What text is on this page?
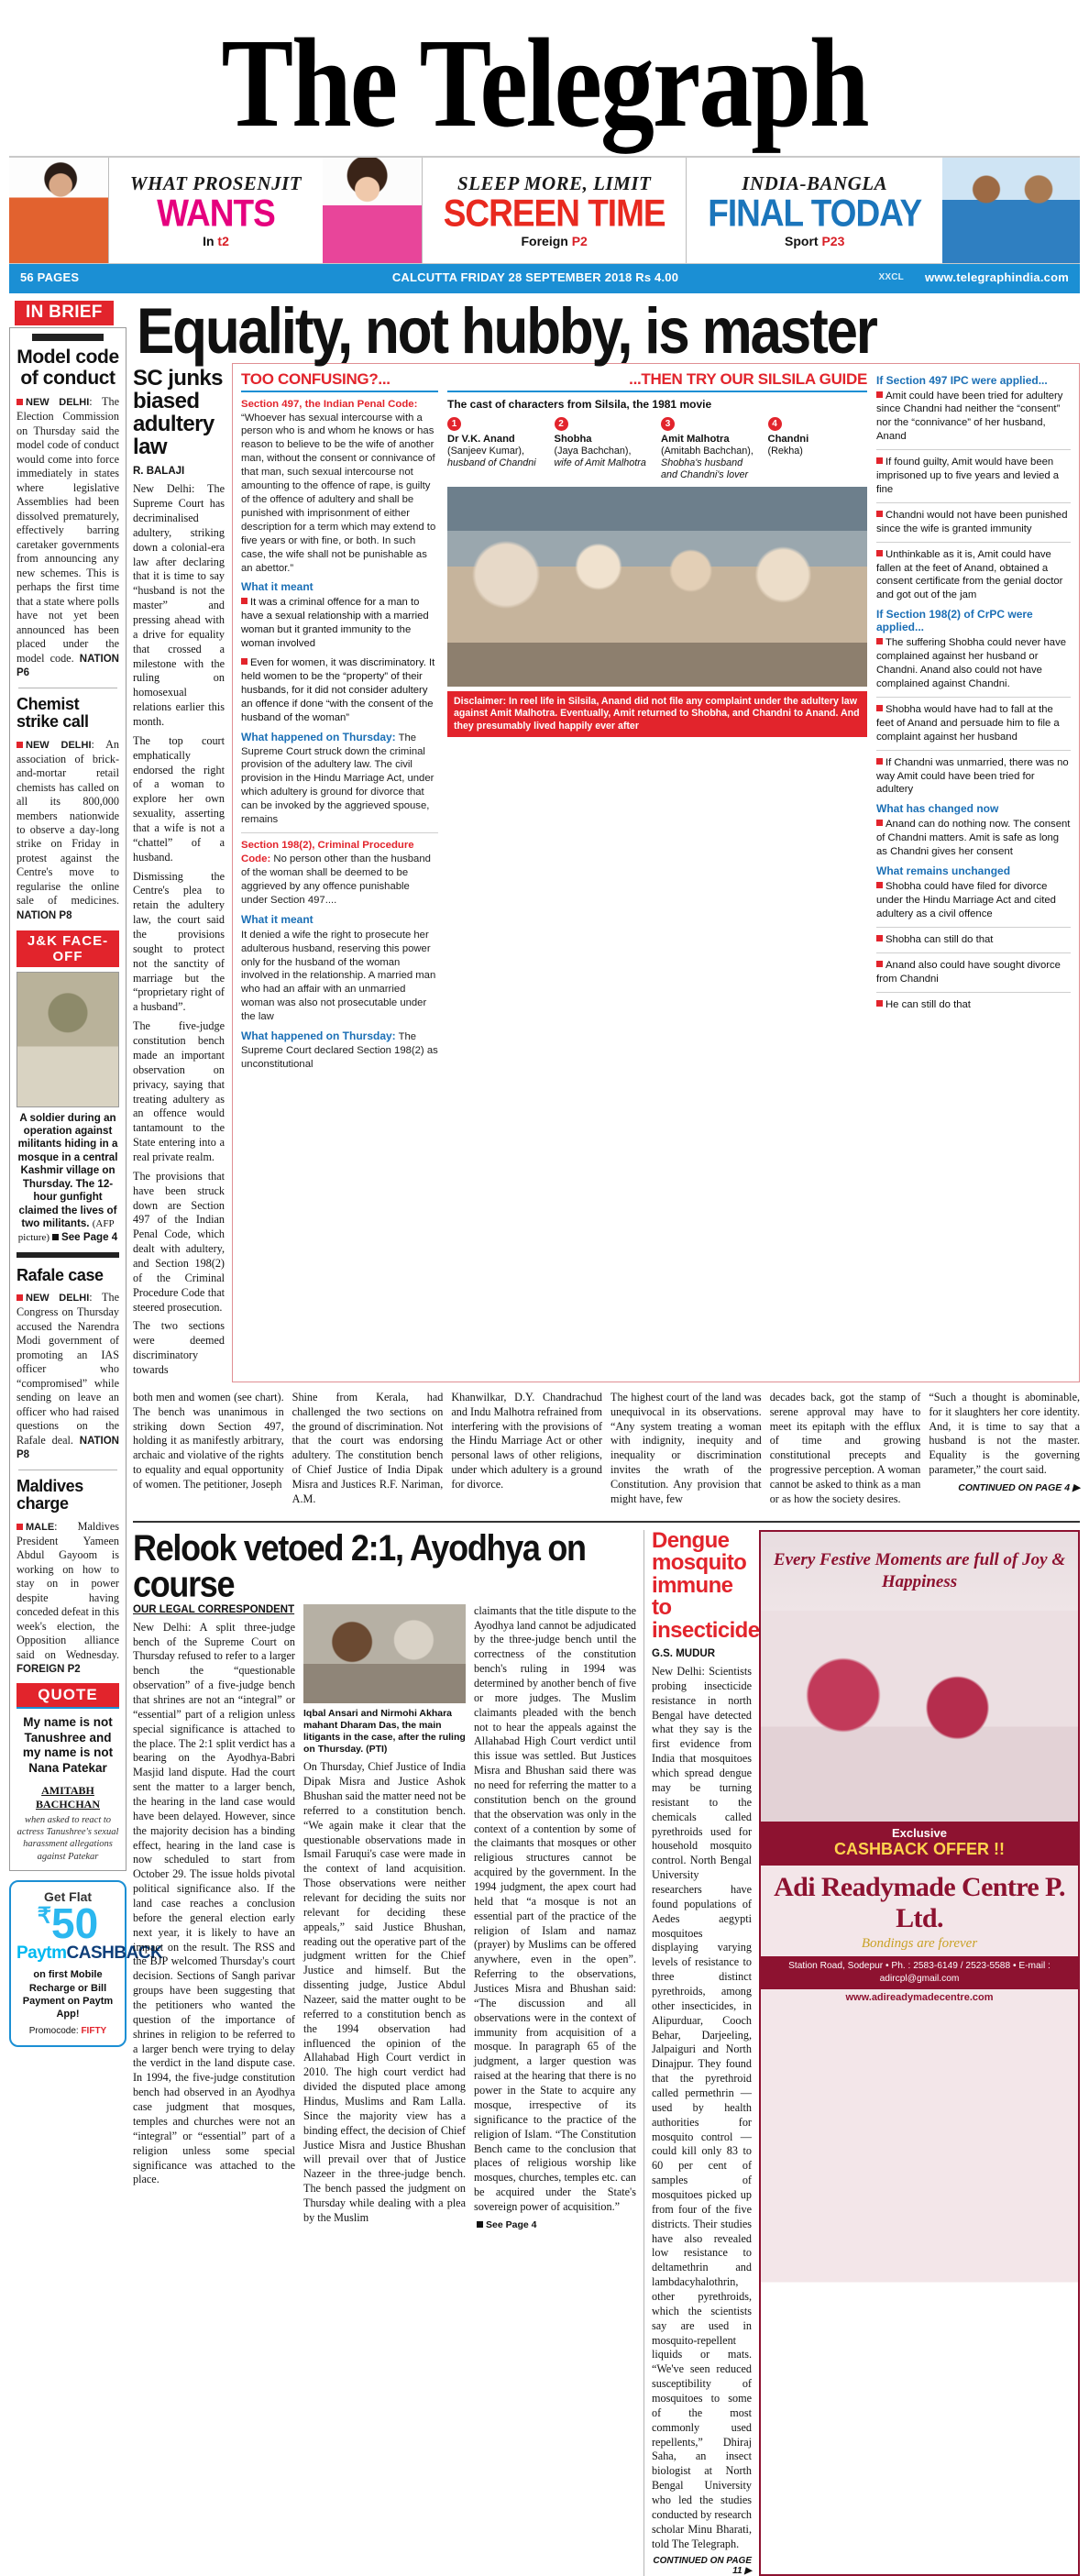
The Telegraph
WHAT PROSENJIT
WANTS
In t2
SLEEP MORE, LIMIT
SCREEN TIME
Foreign P2
INDIA-BANGLA
FINAL TODAY
Sport P23
56 PAGES	CALCUTTA FRIDAY 28 SEPTEMBER 2018 Rs 4.00	XXCL	www.telegraphindia.com
IN BRIEF
Model code of conduct

NEW DELHI: The Election Commission on Thursday said the model code of conduct would come into force immediately in states where legislative Assemblies had been dissolved prematurely, effectively barring caretaker governments from announcing any new schemes. This is perhaps the first time that a state where polls have not yet been announced has been placed under the model code. NATION P6

Chemist strike call

NEW DELHI: An association of brick-and-mortar retail chemists has called on all its 800,000 members nationwide to observe a day-long strike on Friday in protest against the Centre's move to regularise the online sale of medicines. NATION P8

J&K FACE-OFF
A soldier during an operation against militants hiding in a mosque in a central Kashmir village on Thursday. The 12-hour gunfight claimed the lives of two militants. (AFP picture) See Page 4
Rafale case

NEW DELHI: The Congress on Thursday accused the Narendra Modi government of promoting an IAS officer who “compromised” while sending on leave an officer who had raised questions on the Rafale deal. NATION P8

Maldives charge

MALE: Maldives President Yameen Abdul Gayoom is working on how to stay on in power despite having conceded defeat in this week's election, the Opposition alliance said on Wednesday. FOREIGN P2

QUOTE
My name is not Tanushree and my name is not Nana Patekar
AMITABH BACHCHAN
when asked to react to actress Tanushree's sexual harassment allegations against Patekar
Get Flat
₹50
PaytmCASHBACK
on first Mobile Recharge or Bill Payment on Paytm App!
Promocode: FIFTY
Equality, not hubby, is master
SC junks biased adultery law
R. BALAJI

New Delhi: The Supreme Court has decriminalised adultery, striking down a colonial-era law after declaring that it is time to say “husband is not the master” and pressing ahead with a drive for equality that crossed a milestone with the ruling on homosexual relations earlier this month.

The top court emphatically endorsed the right of a woman to explore her own sexuality, asserting that a wife is not a “chattel” of a husband.

Dismissing the Centre's plea to retain the adultery law, the court said the provisions sought to protect not the sanctity of marriage but the “proprietary right of a husband”.

The five-judge constitution bench made an important observation on privacy, saying that treating adultery as an offence would tantamount to the State entering into a real private realm.

The provisions that have been struck down are Section 497 of the Indian Penal Code, which dealt with adultery, and Section 198(2) of the Criminal Procedure Code that steered prosecution.

The two sections were deemed discriminatory towards

TOO CONFUSING?...

Section 497, the Indian Penal Code: “Whoever has sexual intercourse with a person who is and whom he knows or has reason to believe to be the wife of another man, without the consent or connivance of that man, such sexual intercourse not amounting to the offence of rape, is guilty of the offence of adultery and shall be punished with imprisonment of either description for a term which may extend to five years or with fine, or both. In such case, the wife shall not be punishable as an abettor.”

What it meant

It was a criminal offence for a man to have a sexual relationship with a married woman but it granted immunity to the woman involved

Even for women, it was discriminatory. It held women to be the “property” of their husbands, for it did not consider adultery an offence if done “with the consent of the husband of the woman”

What happened on Thursday: The Supreme Court struck down the criminal provision of the adultery law. The civil provision in the Hindu Marriage Act, under which adultery is ground for divorce that can be invoked by the aggrieved spouse, remains

Section 198(2), Criminal Procedure Code: No person other than the husband of the woman shall be deemed to be aggrieved by any offence punishable under Section 497....

What it meant

It denied a wife the right to prosecute her adulterous husband, reserving this power only for the husband of the woman involved in the relationship. A married man who had an affair with an unmarried woman was also not prosecutable under the law

What happened on Thursday: The Supreme Court declared Section 198(2) as unconstitutional

...THEN TRY OUR SILSILA GUIDE

The cast of characters from Silsila, the 1981 movie

1
Dr V.K. Anand
(Sanjeev Kumar),
husband of Chandni
2
Shobha
(Jaya Bachchan),
wife of Amit Malhotra
3
Amit Malhotra
(Amitabh Bachchan),
Shobha's husband and Chandni's lover
4
Chandni
(Rekha)
Disclaimer: In reel life in Silsila, Anand did not file any complaint under the adultery law against Amit Malhotra. Eventually, Amit returned to Shobha, and Chandni to Anand. And they presumably lived happily ever after
If Section 497 IPC were applied...

Amit could have been tried for adultery since Chandni had neither the “consent” nor the “connivance” of her husband, Anand

If found guilty, Amit would have been imprisoned up to five years and levied a fine

Chandni would not have been punished since the wife is granted immunity

Unthinkable as it is, Amit could have fallen at the feet of Anand, obtained a consent certificate from the genial doctor and got out of the jam

If Section 198(2) of CrPC were applied...

The suffering Shobha could never have complained against her husband or Chandni. Anand also could not have complained against Chandni.

Shobha would have had to fall at the feet of Anand and persuade him to file a complaint against her husband

If Chandni was unmarried, there was no way Amit could have been tried for adultery

What has changed now

Anand can do nothing now. The consent of Chandni matters. Amit is safe as long as Chandni gives her consent

What remains unchanged

Shobha could have filed for divorce under the Hindu Marriage Act and cited adultery as a civil offence

Shobha can still do that

Anand also could have sought divorce from Chandni

He can still do that

both men and women (see chart). The bench was unanimous in striking down Section 497, holding it as manifestly arbitrary, archaic and violative of the rights to equality and equal opportunity of women. The petitioner, Joseph

Shine from Kerala, had challenged the two sections on the ground of discrimination. Not that the court was endorsing adultery. The constitution bench of Chief Justice of India Dipak Misra and Justices R.F. Nariman, A.M.

Khanwilkar, D.Y. Chandrachud and Indu Malhotra refrained from interfering with the provisions of the Hindu Marriage Act or other personal laws of other religions, under which adultery is a ground for divorce.

The highest court of the land was unequivocal in its observations. “Any system treating a woman with indignity, inequity and inequality or discrimination invites the wrath of the Constitution. Any provision that might have, few

decades back, got the stamp of serene approval may have to meet its epitaph with the efflux of time and growing constitutional precepts and progressive perception. A woman cannot be asked to think as a man or as how the society desires.

“Such a thought is abominable, for it slaughters her core identity. And, it is time to say that a husband is not the master. Equality is the governing parameter,” the court said.

CONTINUED ON PAGE 4 ▶
Relook vetoed 2:1, Ayodhya on course
OUR LEGAL CORRESPONDENT

New Delhi: A split three-judge bench of the Supreme Court on Thursday refused to refer to a larger bench the “questionable observation” of a five-judge bench that shrines are not an “integral” or “essential” part of a religion unless special significance is attached to the place. The 2:1 split verdict has a bearing on the Ayodhya-Babri Masjid land dispute. Had the court sent the matter to a larger bench, the hearing in the land case would have been delayed. However, since the majority decision has a binding effect, hearing in the land case is now scheduled to start from October 29. The issue holds pivotal political significance also. If the land case reaches a conclusion before the general election early next year, it is likely to have an impact on the result. The RSS and the BJP welcomed Thursday's court decision. Sections of Sangh parivar groups have been suggesting that the petitioners who wanted the question of the importance of shrines in religion to be referred to a larger bench were trying to delay the verdict in the land dispute case. In 1994, the five-judge constitution bench had observed in an Ayodhya case judgment that mosques, temples and churches were not an “integral” or “essential” part of a religion unless some special significance was attached to the place.

Iqbal Ansari and Nirmohi Akhara mahant Dharam Das, the main litigants in the case, after the ruling on Thursday. (PTI)

On Thursday, Chief Justice of India Dipak Misra and Justice Ashok Bhushan said the matter need not be referred to a constitution bench. “We again make it clear that the questionable observations made in Ismail Faruqui's case were made in the context of land acquisition. Those observations were neither relevant for deciding the suits nor relevant for deciding these appeals,” said Justice Bhushan, reading out the operative part of the judgment written for the Chief Justice and himself. But the dissenting judge, Justice Abdul Nazeer, said the matter ought to be referred to a constitution bench as the 1994 observation had influenced the opinion of the Allahabad High Court verdict in 2010. The high court verdict had divided the disputed place among Hindus, Muslims and Ram Lalla. Since the majority view has a binding effect, the decision of Chief Justice Misra and Justice Bhushan will prevail over that of Justice Nazeer in the three-judge bench. The bench passed the judgment on Thursday while dealing with a plea by the Muslim

claimants that the title dispute to the Ayodhya land cannot be adjudicated by the three-judge bench until the correctness of the constitution bench's ruling in 1994 was determined by another bench of five or more judges. The Muslim claimants pleaded with the bench not to hear the appeals against the Allahabad High Court verdict until this issue was settled. But Justices Misra and Bhushan said there was no need for referring the matter to a constitution bench on the ground that the observation was only in the context of a contention by some of the claimants that mosques or other religious structures cannot be acquired by the government. In the 1994 judgment, the apex court had held that “a mosque is not an essential part of the practice of the religion of Islam and namaz (prayer) by Muslims can be offered anywhere, even in the open”. Referring to the observations, Justices Misra and Bhushan said: “The discussion and all observations were in the context of immunity from acquisition of a mosque. In paragraph 65 of the judgment, a larger question was raised at the hearing that there is no power in the State to acquire any mosque, irrespective of its significance to the practice of the religion of Islam. “The Constitution Bench came to the conclusion that places of religious worship like mosques, churches, temples etc. can be acquired under the State's sovereign power of acquisition.”

See Page 4
Dengue mosquito immune to insecticide
G.S. MUDUR

New Delhi: Scientists probing insecticide resistance in north Bengal have detected what they say is the first evidence from India that mosquitoes which spread dengue may be turning resistant to the chemicals called pyrethroids used for household mosquito control. North Bengal University researchers have found populations of Aedes aegypti mosquitoes displaying varying levels of resistance to three distinct pyrethroids, among other insecticides, in Alipurduar, Cooch Behar, Darjeeling, Jalpaiguri and North Dinajpur. They found that the pyrethroid called permethrin — used by health authorities for mosquito control — could kill only 83 to 60 per cent of samples of mosquitoes picked up from four of the five districts. Their studies have also revealed low resistance to deltamethrin and lambdacyhalothrin, other pyrethroids, which the scientists say are used in mosquito-repellent liquids or mats. “We've seen reduced susceptibility of mosquitoes to some of the most commonly used repellents,” Dhiraj Saha, an insect biologist at North Bengal University who led the studies conducted by research scholar Minu Bharati, told The Telegraph.

CONTINUED ON PAGE 11 ▶
Every Festive Moments are full of Joy & Happiness
Exclusive
CASHBACK OFFER !!
Adi Readymade Centre P. Ltd.
Bondings are forever
Station Road, Sodepur • Ph. : 2583-6149 / 2523-5588 • E-mail : adircpl@gmail.com
www.adireadymadecentre.com
